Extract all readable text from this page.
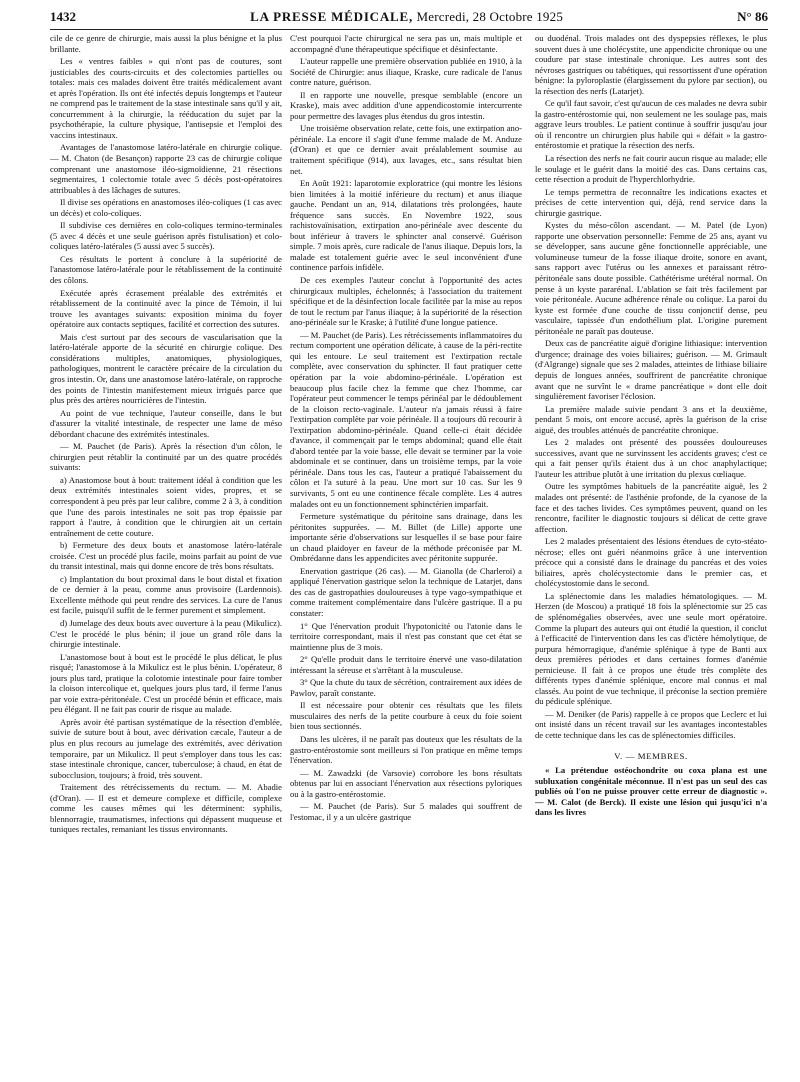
1432	LA PRESSE MÉDICALE, Mercredi, 28 Octobre 1925	N° 86

cile de ce genre de chirurgie, mais aussi la plus bénigne et la plus brillante.

Les « ventres faibles » qui n'ont pas de coutures, sont justiciables des courts-circuits et des colectomies partielles ou totales: mais ces malades doivent être traités médicalement avant et après l'opération. Ils ont été infectés depuis longtemps et l'auteur ne comprend pas le traitement de la stase intestinale sans qu'il y ait, concurremment à la chirurgie, la rééducation du sujet par la psychothérapie, la culture physique, l'antisepsie et l'emploi des vaccins intestinaux.

Avantages de l'anastomose latéro-latérale en chirurgie colique. — M. Chaton (de Besançon) rapporte 23 cas de chirurgie colique comprenant une anastomose iléo-sigmoïdienne, 21 résections segmentaires, 1 colectomie totale avec 5 décès post-opératoires attribuables à des lâchages de sutures.

Il divise ses opérations en anastomoses iléo-coliques (1 cas avec un décès) et colo-coliques.

Il subdivise ces dernières en colo-coliques termino-terminales (5 avec 4 décès et une seule guérison après fistulisation) et colo-coliques latéro-latérales (5 aussi avec 5 succès).

Ces résultats le portent à conclure à la supériorité de l'anastomose latéro-latérale pour le rétablissement de la continuité des côlons.

Exécutée après écrasement préalable des extrémités et rétablissement de la continuité avec la pince de Témoin, il lui trouve les avantages suivants: exposition minima du foyer opératoire aux contacts septiques, facilité et correction des sutures.

Mais c'est surtout par des secours de vascularisation que la latéro-latérale apporte de la sécurité en chirurgie colique. Des considérations multiples, anatomiques, physiologiques, pathologiques, montrent le caractère précaire de la circulation du gros intestin. Or, dans une anastomose latéro-latérale, on rapproche des points de l'intestin manifestement mieux irrigués parce que plus près des artères nourricières de l'intestin.

Au point de vue technique, l'auteur conseille, dans le but d'assurer la vitalité intestinale, de respecter une lame de méso débordant chacune des extrémités intestinales.

— M. Pauchet (de Paris). Après la résection d'un côlon, le chirurgien peut rétablir la continuité par un des quatre procédés suivants:

a) Anastomose bout à bout: traitement idéal à condition que les deux extrémités intestinales soient vides, propres, et se correspondent à peu près par leur calibre, comme 2 à 3, à condition que l'une des parois intestinales ne soit pas trop épaissie par rapport à l'autre, à condition que le chirurgien ait un certain entraînement de cette couture.

b) Fermeture des deux bouts et anastomose latéro-latérale croisée. C'est un procédé plus facile, moins parfait au point de vue du transit intestinal, mais qui donne encore de très bons résultats.

c) Implantation du bout proximal dans le bout distal et fixation de ce dernier à la peau, comme anus provisoire (Lardennois). Excellente méthode qui peut rendre des services. La cure de l'anus est facile, puisqu'il suffit de le fermer purement et simplement.

d) Jumelage des deux bouts avec ouverture à la peau (Mikulicz). C'est le procédé le plus bénin; il joue un grand rôle dans la chirurgie intestinale.

L'anastomose bout à bout est le procédé le plus délicat, le plus risqué; l'anastomose à la Mikulicz est le plus bénin. L'opérateur, 8 jours plus tard, pratique la colotomie intestinale pour faire tomber la cloison intercolique et, quelques jours plus tard, il ferme l'anus par voie extra-péritonéale. C'est un procédé bénin et efficace, mais peu élégant. Il ne fait pas courir de risque au malade.

Après avoir été partisan systématique de la résection d'emblée, suivie de suture bout à bout, avec dérivation cæcale, l'auteur a de plus en plus recours au jumelage des extrémités, avec dérivation temporaire, par un Mikulicz. Il peut s'employer dans tous les cas: stase intestinale chronique, cancer, tuberculose; à chaud, en état de subocclusion, toujours; à froid, très souvent.

Traitement des rétrécissements du rectum. — M. Abadie (d'Oran). — Il est et demeure complexe et difficile, complexe comme les causes mêmes qui les déterminent: syphilis, blennorragie, traumatismes, infections qui dépassent muqueuse et tuniques rectales, remaniant les tissus environnants.

C'est pourquoi l'acte chirurgical ne sera pas un, mais multiple et accompagné d'une thérapeutique spécifique et désinfectante.

L'auteur rappelle une première observation publiée en 1910, à la Société de Chirurgie: anus iliaque, Kraske, cure radicale de l'anus contre nature, guérison.

Il en rapporte une nouvelle, presque semblable (encore un Kraske), mais avec addition d'une appendicostomie intercurrente pour permettre des lavages plus étendus du gros intestin.

Une troisième observation relate, cette fois, une extirpation ano-périnéale. La encore il s'agit d'une femme malade de M. Anduze (d'Oran) et que ce dernier avait préalablement soumise au traitement spécifique (914), aux lavages, etc., sans résultat bien net.

En Août 1921: laparotomie exploratrice (qui montre les lésions bien limitées à la moitié inférieure du rectum) et anus iliaque gauche. Pendant un an, 914, dilatations très prolongées, haute fréquence sans succès. En Novembre 1922, sous rachistovaïnisation, extirpation ano-périnéale avec descente du bout inférieur à travers le sphincter anal conservé. Guérison simple. 7 mois après, cure radicale de l'anus iliaque. Depuis lors, la malade est totalement guérie avec le seul inconvénient d'une continence parfois infidèle.

De ces exemples l'auteur conclut à l'opportunité des actes chirurgicaux multiples, échelonnés; à l'association du traitement spécifique et de la désinfection locale facilitée par la mise au repos de tout le rectum par l'anus iliaque; à la supériorité de la résection ano-périnéale sur le Kraske; à l'utilité d'une longue patience.

— M. Pauchet (de Paris). Les rétrécissements inflammatoires du rectum comportent une opération délicate, à cause de la péri-rectite qui les entoure. Le seul traitement est l'extirpation rectale complète, avec conservation du sphincter. Il faut pratiquer cette opération par la voie abdomino-périnéale. L'opération est beaucoup plus facile chez la femme que chez l'homme, car l'opérateur peut commencer le temps périnéal par le dédoublement de la cloison recto-vaginale. L'auteur n'a jamais réussi à faire l'extirpation complète par voie périnéale. Il a toujours dû recourir à l'extirpation abdomino-périnéale. Quand celle-ci était décidée d'avance, il commençait par le temps abdominal; quand elle était d'abord tentée par la voie basse, elle devait se terminer par la voie abdominale et se continuer, dans un troisième temps, par la voie périnéale. Dans tous les cas, l'auteur a pratiqué l'abaissement du côlon et l'a suturé à la peau. Une mort sur 10 cas. Sur les 9 survivants, 5 ont eu une continence fécale complète. Les 4 autres malades ont eu un fonctionnement sphinctérien imparfait.

Fermeture systématique du péritoine sans drainage, dans les péritonites suppurées. — M. Billet (de Lille) apporte une importante série d'observations sur lesquelles il se base pour faire un chaud plaidoyer en faveur de la méthode préconisée par M. Ombrédanne dans les appendicites avec péritonite suppurée.

Enervation gastrique (26 cas). — M. Gianolla (de Charleroi) a appliqué l'énervation gastrique selon la technique de Latarjet, dans des cas de gastropathies douloureuses à type vago-sympathique et comme traitement complémentaire dans l'ulcère gastrique. Il a pu constater:

1° Que l'énervation produit l'hypotonicité ou l'atonie dans le territoire correspondant, mais il n'est pas constant que cet état se maintienne plus de 3 mois.

2° Qu'elle produit dans le territoire énervé une vaso-dilatation intéressant la séreuse et s'arrêtant à la musculeuse.

3° Que la chute du taux de sécrétion, contrairement aux idées de Pawlov, paraît constante.

Il est nécessaire pour obtenir ces résultats que les filets musculaires des nerfs de la petite courbure à ceux du foie soient bien tous sectionnés.

Dans les ulcères, il ne paraît pas douteux que les résultats de la gastro-entérostomie sont meilleurs si l'on pratique en même temps l'énervation.

— M. Zawadzki (de Varsovie) corrobore les bons résultats obtenus par lui en associant l'énervation aux résections pyloriques ou à la gastro-entérostomie.

— M. Pauchet (de Paris). Sur 5 malades qui souffrent de l'estomac, il y a un ulcère gastrique

ou duodénal. Trois malades ont des dyspepsies réflexes, le plus souvent dues à une cholécystite, une appendicite chronique ou une coudure par stase intestinale chronique. Les autres sont des névroses gastriques ou tabétiques, qui ressortissent d'une opération bénigne: la pyloroplastie (élargissement du pylore par section), ou la résection des nerfs (Latarjet).

Ce qu'il faut savoir, c'est qu'aucun de ces malades ne devra subir la gastro-entérostomie qui, non seulement ne les soulage pas, mais aggrave leurs troubles. Le patient continue à souffrir jusqu'au jour où il rencontre un chirurgien plus habile qui « défait » la gastro-entérostomie et pratique la résection des nerfs.

La résection des nerfs ne fait courir aucun risque au malade; elle le soulage et le guérit dans la moitié des cas. Dans certains cas, cette résection a produit de l'hyperchlorhydrie.

Le temps permettra de reconnaître les indications exactes et précises de cette intervention qui, déjà, rend service dans la chirurgie gastrique.

Kystes du méso-côlon ascendant. — M. Patel (de Lyon) rapporte une observation personnelle: Femme de 25 ans, ayant vu se développer, sans aucune gêne fonctionnelle appréciable, une volumineuse tumeur de la fosse iliaque droite, sonore en avant, sans rapport avec l'utérus ou les annexes et paraissant rétro-péritonéale sans doute possible. Cathétérisme urétéral normal. On pense à un kyste pararénal. L'ablation se fait très facilement par voie péritonéale. Aucune adhérence rénale ou colique. La paroi du kyste est formée d'une couche de tissu conjonctif dense, peu vasculaire, tapissée d'un endothélium plat. L'origine purement péritonéale ne paraît pas douteuse.

Deux cas de pancréatite aiguë d'origine lithiasique: intervention d'urgence; drainage des voies biliaires; guérison. — M. Grimault (d'Algrange) signale que ses 2 malades, atteintes de lithiase biliaire depuis de longues années, souffrirent de pancréatite chronique avant que ne survînt le « drame pancréatique » dont elle doit singulièrement favoriser l'éclosion.

La première malade suivie pendant 3 ans et la deuxième, pendant 5 mois, ont encore accusé, après la guérison de la crise aiguë, des troubles atténués de pancréatite chronique.

Les 2 malades ont présenté des poussées douloureuses successives, avant que ne survinssent les accidents graves; c'est ce qui a fait penser qu'ils étaient dus à un choc anaphylactique; l'auteur les attribue plutôt à une irritation du plexus cœliaque.

Outre les symptômes habituels de la pancréatite aiguë, les 2 malades ont présenté: de l'asthénie profonde, de la cyanose de la face et des taches livides. Ces symptômes peuvent, quand on les rencontre, faciliter le diagnostic toujours si délicat de cette grave affection.

Les 2 malades présentaient des lésions étendues de cyto-stéato-nécrose; elles ont guéri néanmoins grâce à une intervention précoce qui a consisté dans le drainage du pancréas et des voies biliaires, après cholécystectomie dans le premier cas, et cholécystostomie dans le second.

La splénectomie dans les maladies hématologiques. — M. Herzen (de Moscou) a pratiqué 18 fois la splénectomie sur 25 cas de splénomégalies observées, avec une seule mort opératoire. Comme la plupart des auteurs qui ont étudié la question, il conclut à l'efficacité de l'intervention dans les cas d'ictère hémolytique, de purpura hémorragique, d'anémie splénique à type de Banti aux deux premières périodes et dans certaines formes d'anémie pernicieuse. Il fait à ce propos une étude très complète des différents types d'anémie splénique, encore mal connus et mal classés. Au point de vue technique, il préconise la section première du pédicule splénique.

— M. Deniker (de Paris) rappelle à ce propos que Leclerc et lui ont insisté dans un récent travail sur les avantages incontestables de cette technique dans les cas de splénectomies difficiles.

V. — MEMBRES.

« La prétendue ostéochondrite ou coxa plana est une subluxation congénitale méconnue. Il n'est pas un seul des cas publiés où l'on ne puisse prouver cette erreur de diagnostic ». — M. Calot (de Berck). Il existe une lésion qui jusqu'ici n'a dans les livres
